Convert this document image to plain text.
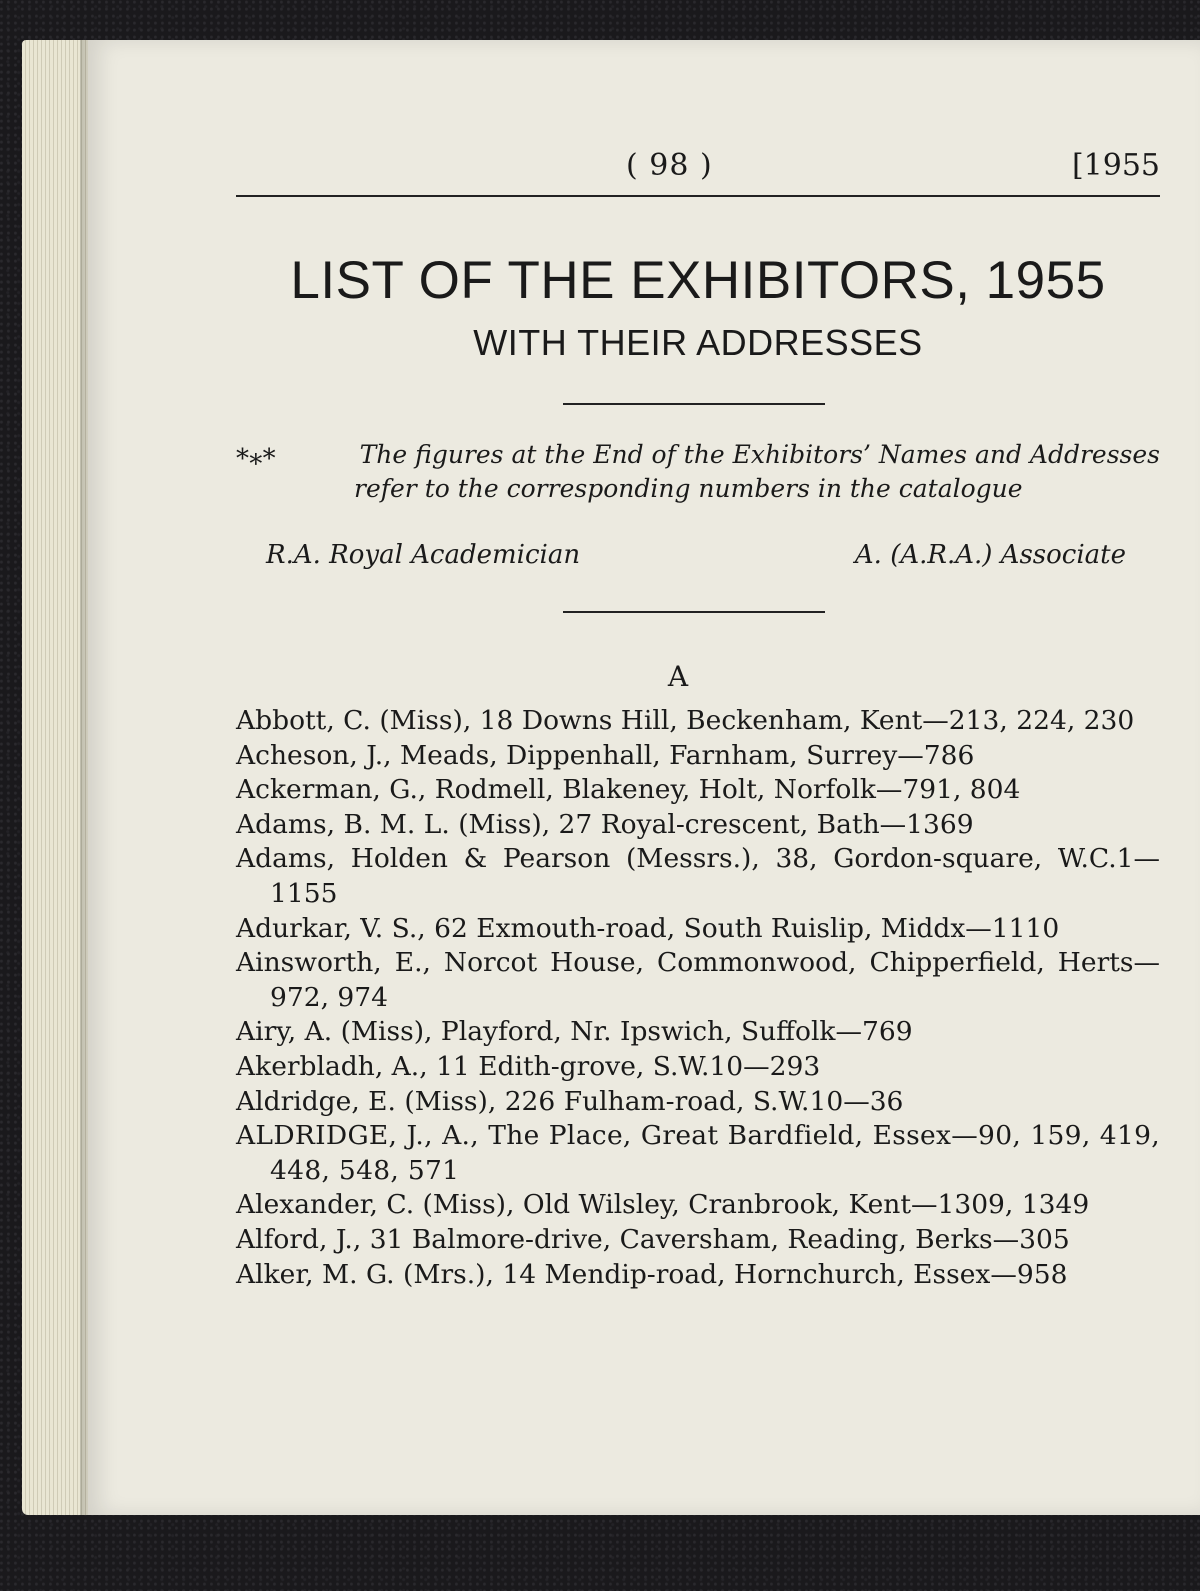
( 98 )	[1955
LIST OF THE EXHIBITORS, 1955
WITH THEIR ADDRESSES
*∗*	The figures at the End of the Exhibitors’ Names and Addresses
refer to the corresponding numbers in the catalogue
R.A. Royal Academician	A. (A.R.A.) Associate
A
Abbott, C. (Miss), 18 Downs Hill, Beckenham, Kent—213, 224, 230
Acheson, J., Meads, Dippenhall, Farnham, Surrey—786
Ackerman, G., Rodmell, Blakeney, Holt, Norfolk—791, 804
Adams, B. M. L. (Miss), 27 Royal-crescent, Bath—1369
Adams, Holden & Pearson (Messrs.), 38, Gordon-square, W.C.1— 1155
Adurkar, V. S., 62 Exmouth-road, South Ruislip, Middx—1110
Ainsworth, E., Norcot House, Commonwood, Chipperfield, Herts—972, 974
Airy, A. (Miss), Playford, Nr. Ipswich, Suffolk—769
Akerbladh, A., 11 Edith-grove, S.W.10—293
Aldridge, E. (Miss), 226 Fulham-road, S.W.10—36
ALDRIDGE, J., A., The Place, Great Bardfield, Essex—90, 159, 419, 448, 548, 571
Alexander, C. (Miss), Old Wilsley, Cranbrook, Kent—1309, 1349
Alford, J., 31 Balmore-drive, Caversham, Reading, Berks—305
Alker, M. G. (Mrs.), 14 Mendip-road, Hornchurch, Essex—958
